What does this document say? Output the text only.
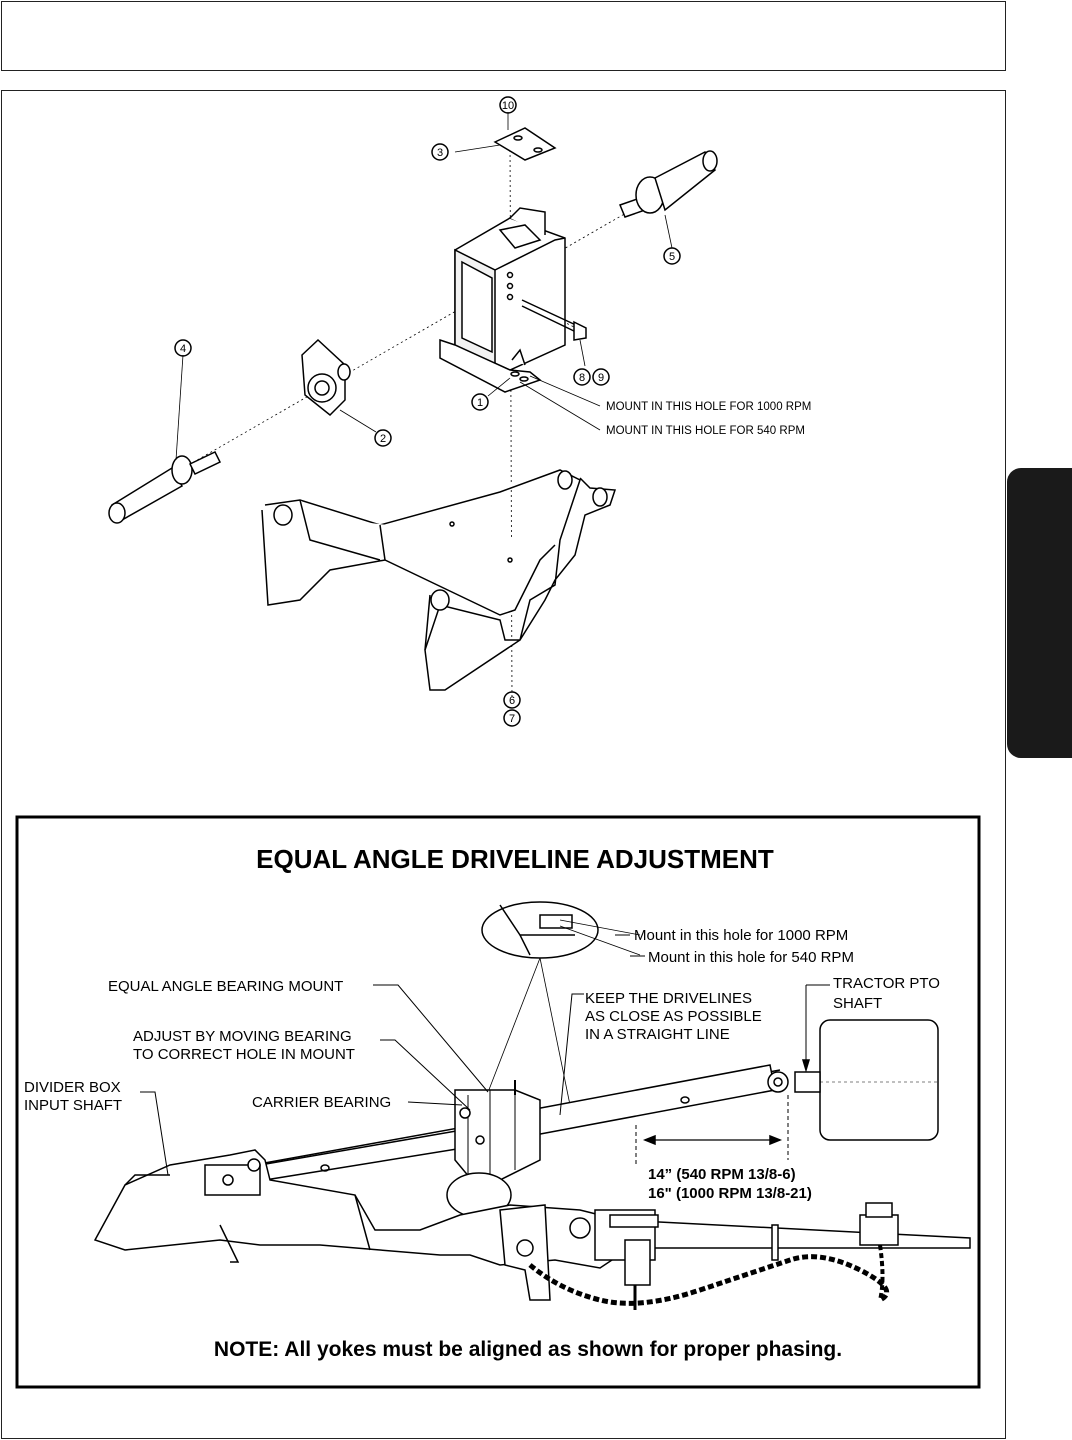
10
3
5
4
2
8 9
1
6
7
MOUNT IN THIS HOLE FOR 1000 RPM
MOUNT IN THIS HOLE FOR 540 RPM
EQUAL ANGLE DRIVELINE ADJUSTMENT
Mount in this hole for 1000 RPM
Mount in this hole for 540 RPM
TRACTOR PTO
SHAFT
EQUAL ANGLE BEARING MOUNT
ADJUST BY MOVING BEARING
TO CORRECT HOLE IN MOUNT
KEEP THE DRIVELINES
AS CLOSE AS POSSIBLE
IN A STRAIGHT LINE
DIVIDER BOX
INPUT SHAFT	CARRIER BEARING
14” (540 RPM 13/8-6)
16" (1000 RPM 13/8-21)
NOTE: All yokes must be aligned as shown for proper phasing.
